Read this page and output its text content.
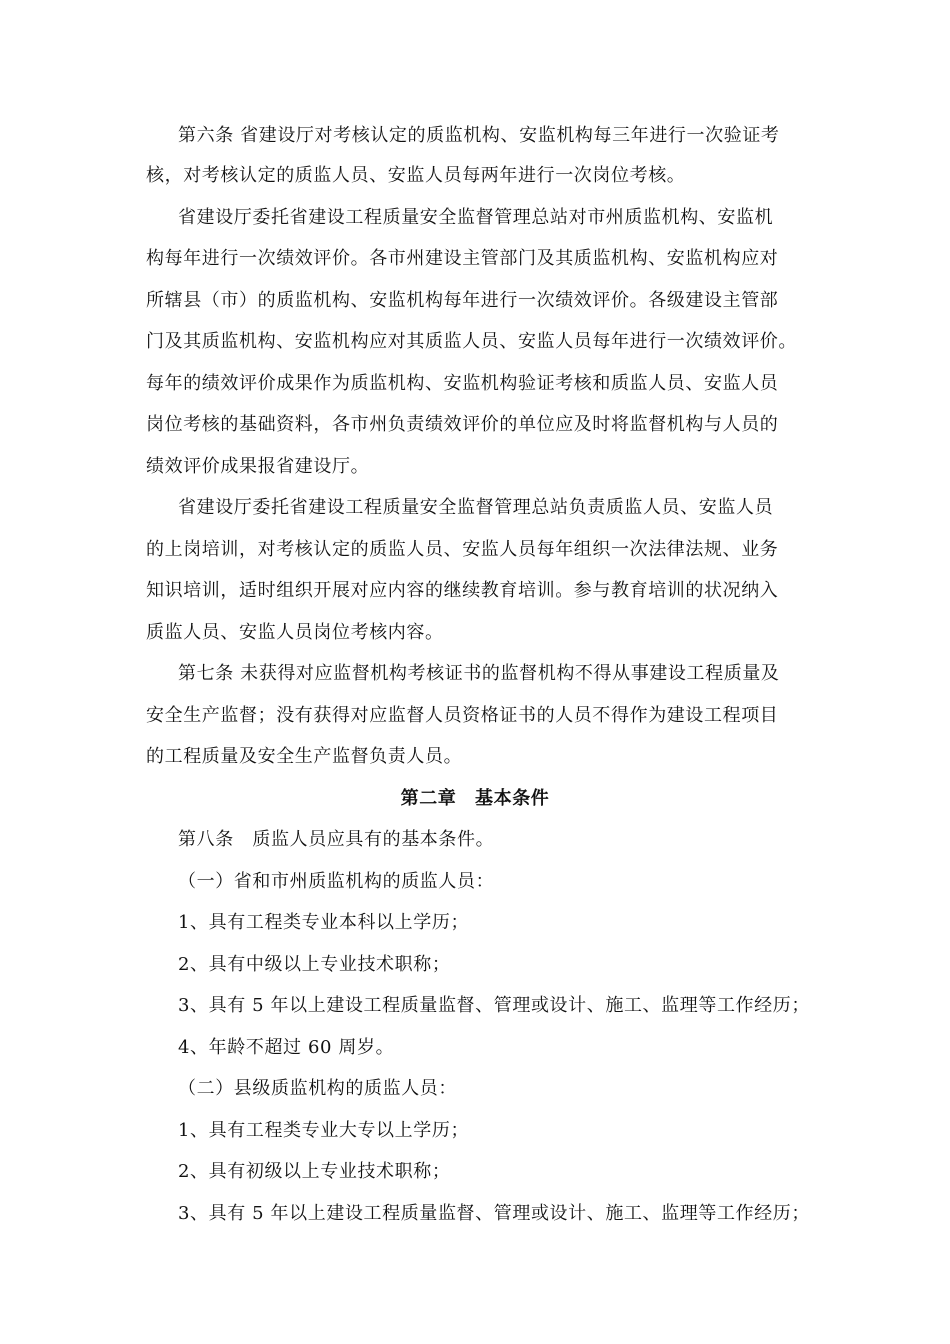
第六条 省建设厅对考核认定的质监机构、安监机构每三年进行一次验证考
核，对考核认定的质监人员、安监人员每两年进行一次岗位考核。
省建设厅委托省建设工程质量安全监督管理总站对市州质监机构、安监机
构每年进行一次绩效评价。各市州建设主管部门及其质监机构、安监机构应对
所辖县（市）的质监机构、安监机构每年进行一次绩效评价。各级建设主管部
门及其质监机构、安监机构应对其质监人员、安监人员每年进行一次绩效评价。
每年的绩效评价成果作为质监机构、安监机构验证考核和质监人员、安监人员
岗位考核的基础资料，各市州负责绩效评价的单位应及时将监督机构与人员的
绩效评价成果报省建设厅。
省建设厅委托省建设工程质量安全监督管理总站负责质监人员、安监人员
的上岗培训，对考核认定的质监人员、安监人员每年组织一次法律法规、业务
知识培训，适时组织开展对应内容的继续教育培训。参与教育培训的状况纳入
质监人员、安监人员岗位考核内容。
第七条 未获得对应监督机构考核证书的监督机构不得从事建设工程质量及
安全生产监督；没有获得对应监督人员资格证书的人员不得作为建设工程项目
的工程质量及安全生产监督负责人员。
第二章　基本条件
第八条　质监人员应具有的基本条件。
（一）省和市州质监机构的质监人员：
1、具有工程类专业本科以上学历；
2、具有中级以上专业技术职称；
3、具有 5 年以上建设工程质量监督、管理或设计、施工、监理等工作经历；
4、年龄不超过 60 周岁。
（二）县级质监机构的质监人员：
1、具有工程类专业大专以上学历；
2、具有初级以上专业技术职称；
3、具有 5 年以上建设工程质量监督、管理或设计、施工、监理等工作经历；
